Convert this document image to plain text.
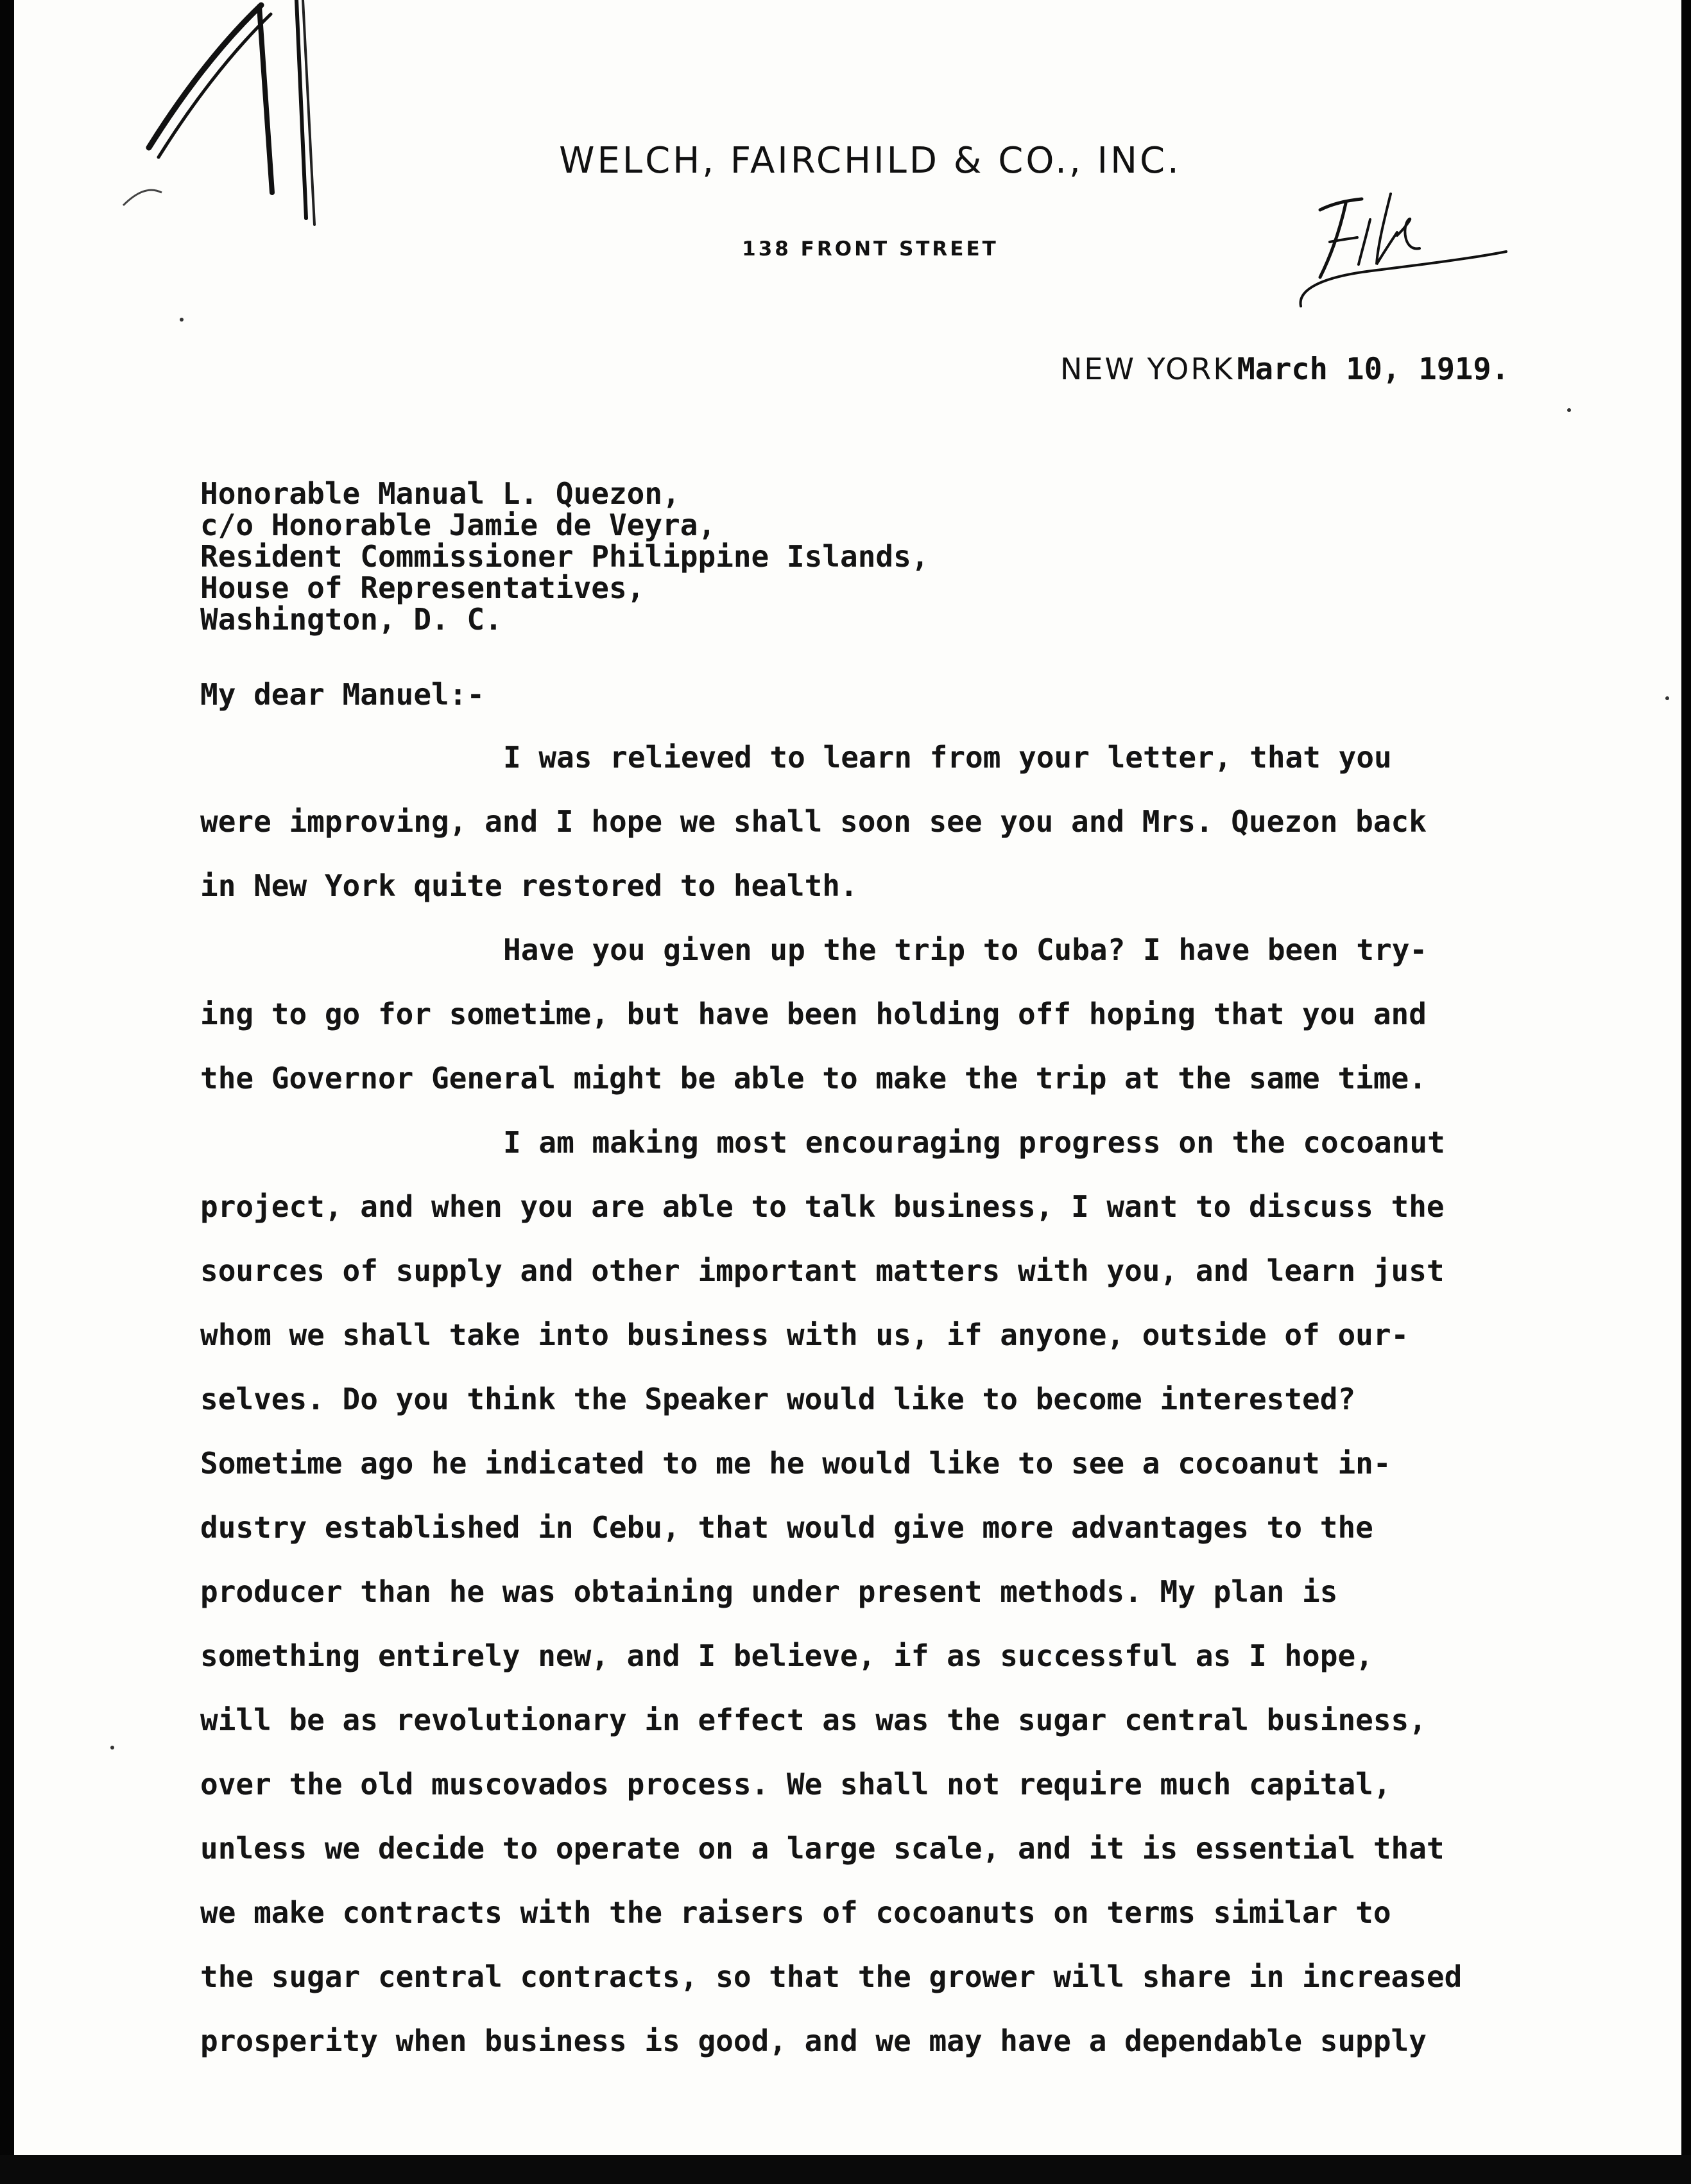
WELCH, FAIRCHILD & CO., INC.
138 FRONT STREET
NEW YORK March 10, 1919.
Honorable Manual L. Quezon,
c/o Honorable Jamie de Veyra,
Resident Commissioner Philippine Islands,
House of Representatives,
Washington, D. C.
My dear Manuel:-
I was relieved to learn from your letter, that you
were improving, and I hope we shall soon see you and Mrs. Quezon back
in New York quite restored to health.
Have you given up the trip to Cuba? I have been try-
ing to go for sometime, but have been holding off hoping that you and
the Governor General might be able to make the trip at the same time.
I am making most encouraging progress on the cocoanut
project, and when you are able to talk business, I want to discuss the
sources of supply and other important matters with you, and learn just
whom we shall take into business with us, if anyone, outside of our-
selves. Do you think the Speaker would like to become interested?
Sometime ago he indicated to me he would like to see a cocoanut in-
dustry established in Cebu, that would give more advantages to the
producer than he was obtaining under present methods. My plan is
something entirely new, and I believe, if as successful as I hope,
will be as revolutionary in effect as was the sugar central business,
over the old muscovados process. We shall not require much capital,
unless we decide to operate on a large scale, and it is essential that
we make contracts with the raisers of cocoanuts on terms similar to
the sugar central contracts, so that the grower will share in increased
prosperity when business is good, and we may have a dependable supply
